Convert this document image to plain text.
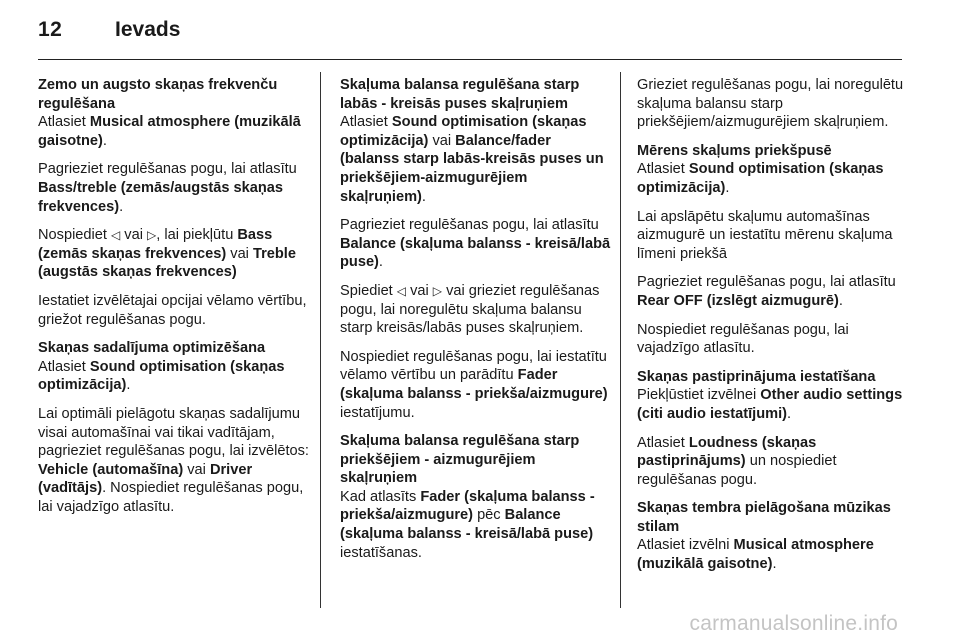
12	Ievads
Zemo un augsto skaņas frekvenču regulēšana

Atlasiet Musical atmosphere (muzikālā gaisotne).

Pagrieziet regulēšanas pogu, lai atlasītu Bass/treble (zemās/augstās skaņas frekvences).

Nospiediet ◁ vai ▷, lai piekļūtu Bass (zemās skaņas frekvences) vai Treble (augstās skaņas frekvences)

Iestatiet izvēlētajai opcijai vēlamo vērtību, griežot regulēšanas pogu.

Skaņas sadalījuma optimizēšana

Atlasiet Sound optimisation (skaņas optimizācija).

Lai optimāli pielāgotu skaņas sadalījumu visai automašīnai vai tikai vadītājam, pagrieziet regulēšanas pogu, lai izvēlētos: Vehicle (automašīna) vai Driver (vadītājs). Nospiediet regulēšanas pogu, lai vajadzīgo atlasītu.

Skaļuma balansa regulēšana starp labās - kreisās puses skaļruņiem

Atlasiet Sound optimisation (skaņas optimizācija) vai Balance/fader (balanss starp labās-kreisās puses un priekšējiem-aizmugurējiem skaļruņiem).

Pagrieziet regulēšanas pogu, lai atlasītu Balance (skaļuma balanss - kreisā/labā puse).

Spiediet ◁ vai ▷ vai grieziet regulēšanas pogu, lai noregulētu skaļuma balansu starp kreisās/labās puses skaļruņiem.

Nospiediet regulēšanas pogu, lai iestatītu vēlamo vērtību un parādītu Fader (skaļuma balanss - priekša/aizmugure) iestatījumu.

Skaļuma balansa regulēšana starp priekšējiem - aizmugurējiem skaļruņiem

Kad atlasīts Fader (skaļuma balanss - priekša/aizmugure) pēc Balance (skaļuma balanss - kreisā/labā puse) iestatīšanas.

Grieziet regulēšanas pogu, lai noregulētu skaļuma balansu starp priekšējiem/aizmugurējiem skaļruņiem.

Mērens skaļums priekšpusē

Atlasiet Sound optimisation (skaņas optimizācija).

Lai apslāpētu skaļumu automašīnas aizmugurē un iestatītu mērenu skaļuma līmeni priekšā

Pagrieziet regulēšanas pogu, lai atlasītu Rear OFF (izslēgt aizmugurē).

Nospiediet regulēšanas pogu, lai vajadzīgo atlasītu.

Skaņas pastiprinājuma iestatīšana

Piekļūstiet izvēlnei Other audio settings (citi audio iestatījumi).

Atlasiet Loudness (skaņas pastiprinājums) un nospiediet regulēšanas pogu.

Skaņas tembra pielāgošana mūzikas stilam

Atlasiet izvēlni Musical atmosphere (muzikālā gaisotne).

carmanualsonline.info
